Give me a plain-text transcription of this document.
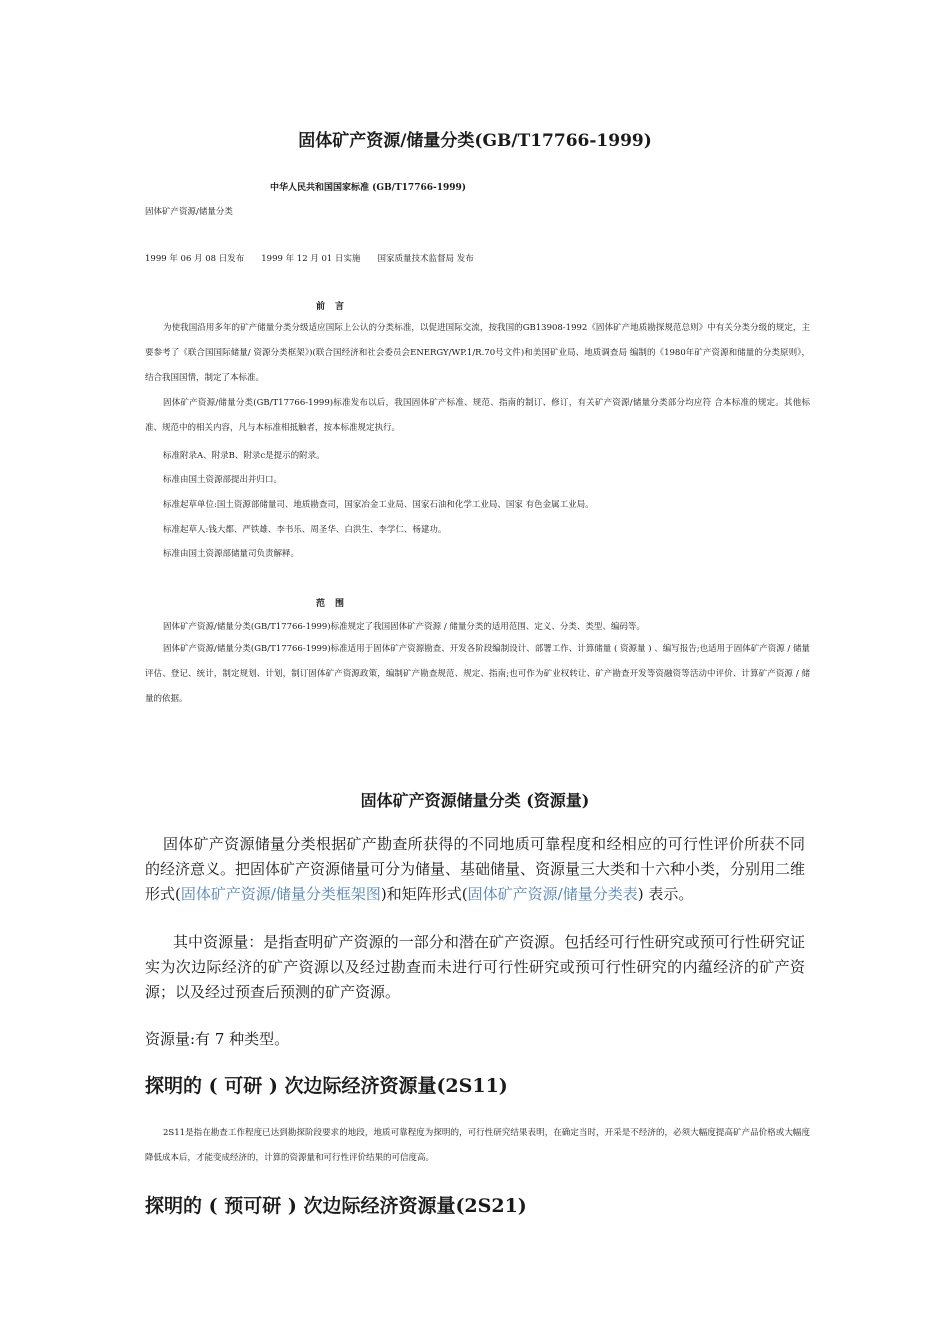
固体矿产资源/储量分类(GB/T17766-1999)
中华人民共和国国家标准 (GB/T17766-1999)
固体矿产资源/储量分类
1999 年 06 月 08 日发布　　1999 年 12 月 01 日实施　　国家质量技术监督局 发布
前言

为使我国沿用多年的矿产储量分类分级适应国际上公认的分类标准，以促进国际交流，按我国的GB13908-1992《固体矿产地质勘探规范总则》中有关分类分级的规定，主要参考了《联合国国际储量/ 资源分类框架》)(联合国经济和社会委员会ENERGY/WP.1/R.70号文件)和美国矿业局、地质调查局 编制的《1980年矿产资源和储量的分类原则》，结合我国国情，制定了本标准。

固体矿产资源/储量分类(GB/T17766-1999)标准发布以后，我国固体矿产标准、规范、指南的制订、修订，有关矿产资源/储量分类部分均应符 合本标准的规定。其他标准、规范中的相关内容，凡与本标准相抵触者，按本标准规定执行。

标准附录A、附录B、附录c是提示的附录。
标准由国土资源部提出并归口。
标准起草单位:国土资源部储量司、地质勘查司，国家冶金工业局、国家石油和化学工业局、国家 有色金属工业局。
标准起草人:钱大都、严铁雄、李书乐、周圣华、白洪生、李学仁、杨建功。
标准由国土资源部储量司负责解释。
范围
固体矿产资源/储量分类(GB/T17766-1999)标准规定了我国固体矿产资源 / 储量分类的适用范围、定义、分类、类型、编码等。

固体矿产资源/储量分类(GB/T17766-1999)标准适用于固体矿产资源勘查、开发各阶段编制设计、部署工作、计算储量 ( 资源量 ) 、编写报告;也适用于固体矿产资源 / 储量评估、登记、统计，制定规划、计划，制订固体矿产资源政策，编制矿产勘查规范、规定、指南;也可作为矿业权转让、矿产勘查开发等资融资等活动中评价、计算矿产资源 / 储量的依据。

固体矿产资源储量分类 (资源量)

固体矿产资源储量分类根据矿产勘查所获得的不同地质可靠程度和经相应的可行性评价所获不同的经济意义。把固体矿产资源储量可分为储量、基础储量、资源量三大类和十六种小类，分别用二维形式(固体矿产资源/储量分类框架图)和矩阵形式(固体矿产资源/储量分类表) 表示。

其中资源量：是指查明矿产资源的一部分和潜在矿产资源。包括经可行性研究或预可行性研究证实为次边际经济的矿产资源以及经过勘查而未进行可行性研究或预可行性研究的内蕴经济的矿产资源；以及经过预查后预测的矿产资源。

资源量:有 7 种类型。

探明的 ( 可研 ) 次边际经济资源量(2S11)

2S11是指在勘查工作程度已达到勘探阶段要求的地段，地质可靠程度为探明的，可行性研究结果表明，在确定当时，开采是不经济的，必须大幅度提高矿产品价格或大幅度降低成本后，才能变成经济的，计算的资源量和可行性评价结果的可信度高。

探明的 ( 预可研 ) 次边际经济资源量(2S21)
